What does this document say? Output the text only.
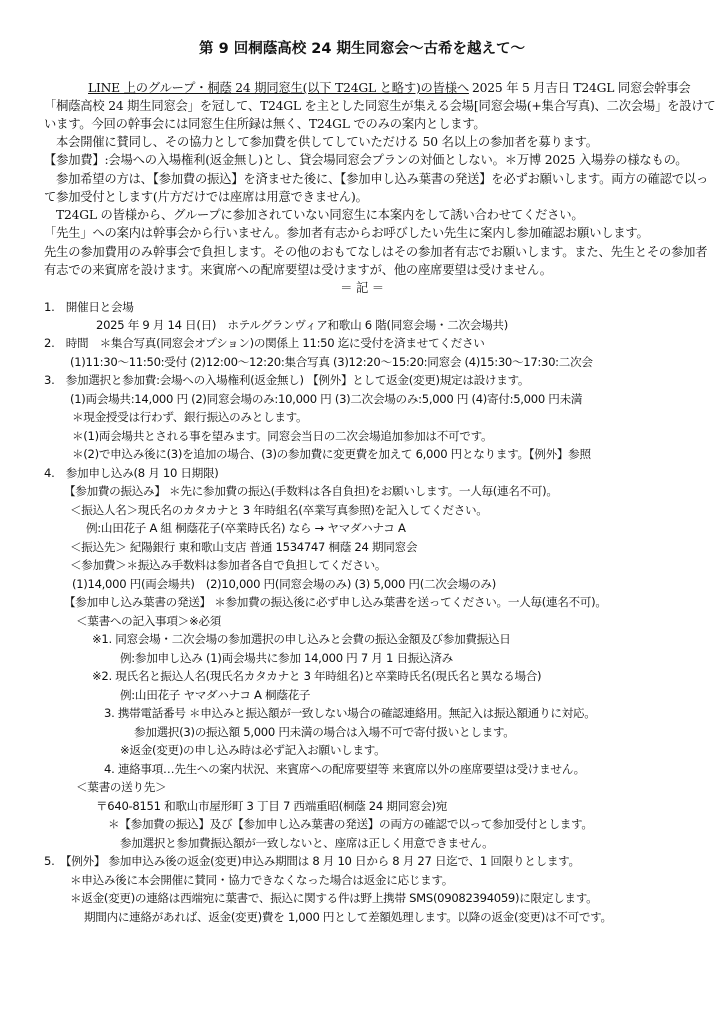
第 9 回桐蔭高校 24 期生同窓会～古希を越えて～
LINE 上のグループ・桐蔭 24 期同窓生(以下 T24GL と略す)の皆様へ 2025 年 5 月吉日 T24GL 同窓会幹事会
「桐蔭高校 24 期生同窓会」を冠して、T24GL を主とした同窓生が集える会場[同窓会場(+集合写真)、二次会場」を設けて
います。今回の幹事会には同窓生住所録は無く、T24GL でのみの案内とします。
本会開催に賛同し、その協力として参加費を供してしていただける 50 名以上の参加者を募ります。
【参加費】:会場への入場権利(返金無し)とし、貸会場同窓会プランの対価としない。＊万博 2025 入場券の様なもの。
参加希望の方は、【参加費の振込】を済ませた後に、【参加申し込み葉書の発送】を必ずお願いします。両方の確認で以っ
て参加受付とします(片方だけでは座席は用意できません)。
T24GL の皆様から、グループに参加されていない同窓生に本案内をして誘い合わせてください。
「先生」への案内は幹事会から行いません。参加者有志からお呼びしたい先生に案内し参加確認お願いします。
先生の参加費用のみ幹事会で負担します。その他のおもてなしはその参加者有志でお願いします。また、先生とその参加者
有志での来賓席を設けます。来賓席への配席要望は受けますが、他の座席要望は受けません。
＝ 記 ＝
1.　開催日と会場
2025 年 9 月 14 日(日)　ホテルグランヴィア和歌山 6 階(同窓会場・二次会場共)
2.　時間　＊集合写真(同窓会オプション)の関係上 11:50 迄に受付を済ませてください
(1)11:30～11:50:受付 (2)12:00～12:20:集合写真 (3)12:20～15:20:同窓会 (4)15:30～17:30:二次会
3.　参加選択と参加費:会場への入場権利(返金無し) 【例外】として返金(変更)規定は設けます。
(1)両会場共:14,000 円 (2)同窓会場のみ:10,000 円 (3)二次会場のみ:5,000 円 (4)寄付:5,000 円未満
＊現金授受は行わず、銀行振込のみとします。
＊(1)両会場共とされる事を望みます。同窓会当日の二次会場追加参加は不可です。
＊(2)で申込み後に(3)を追加の場合、(3)の参加費に変更費を加えて 6,000 円となります。【例外】参照
4.　参加申し込み(8 月 10 日期限)
【参加費の振込み】 ＊先に参加費の振込(手数料は各自負担)をお願いします。一人毎(連名不可)。
＜振込人名＞現氏名のカタカナと 3 年時組名(卒業写真参照)を記入してください。
例:山田花子 A 組 桐蔭花子(卒業時氏名) なら → ヤマダハナコ A
＜振込先＞ 紀陽銀行 東和歌山支店 普通 1534747 桐蔭 24 期同窓会
＜参加費＞＊振込み手数料は参加者各自で負担してください。
(1)14,000 円(両会場共)　(2)10,000 円(同窓会場のみ) (3) 5,000 円(二次会場のみ)
【参加申し込み葉書の発送】 ＊参加費の振込後に必ず申し込み葉書を送ってください。一人毎(連名不可)。
＜葉書への記入事項＞※必須
※1. 同窓会場・二次会場の参加選択の申し込みと会費の振込金額及び参加費振込日
例:参加申し込み (1)両会場共に参加 14,000 円 7 月 1 日振込済み
※2. 現氏名と振込人名(現氏名カタカナと 3 年時組名)と卒業時氏名(現氏名と異なる場合)
例:山田花子 ヤマダハナコ A 桐蔭花子
3. 携帯電話番号 ＊申込みと振込額が一致しない場合の確認連絡用。無記入は振込額通りに対応。
参加選択(3)の振込額 5,000 円未満の場合は入場不可で寄付扱いとします。
※返金(変更)の申し込み時は必ず記入お願いします。
4. 連絡事項…先生への案内状況、来賓席への配席要望等 来賓席以外の座席要望は受けません。
＜葉書の送り先＞
〒640-8151 和歌山市屋形町 3 丁目 7 西端重昭(桐蔭 24 期同窓会)宛
＊【参加費の振込】及び【参加申し込み葉書の発送】の両方の確認で以って参加受付とします。
参加選択と参加費振込額が一致しないと、座席は正しく用意できません。
5.　【例外】 参加申込み後の返金(変更)申込み期間は 8 月 10 日から 8 月 27 日迄で、1 回限りとします。
＊申込み後に本会開催に賛同・協力できなくなった場合は返金に応じます。
＊返金(変更)の連絡は西端宛に葉書で、振込に関する件は野上携帯 SMS(09082394059)に限定します。
期間内に連絡があれば、返金(変更)費を 1,000 円として差額処理します。以降の返金(変更)は不可です。
